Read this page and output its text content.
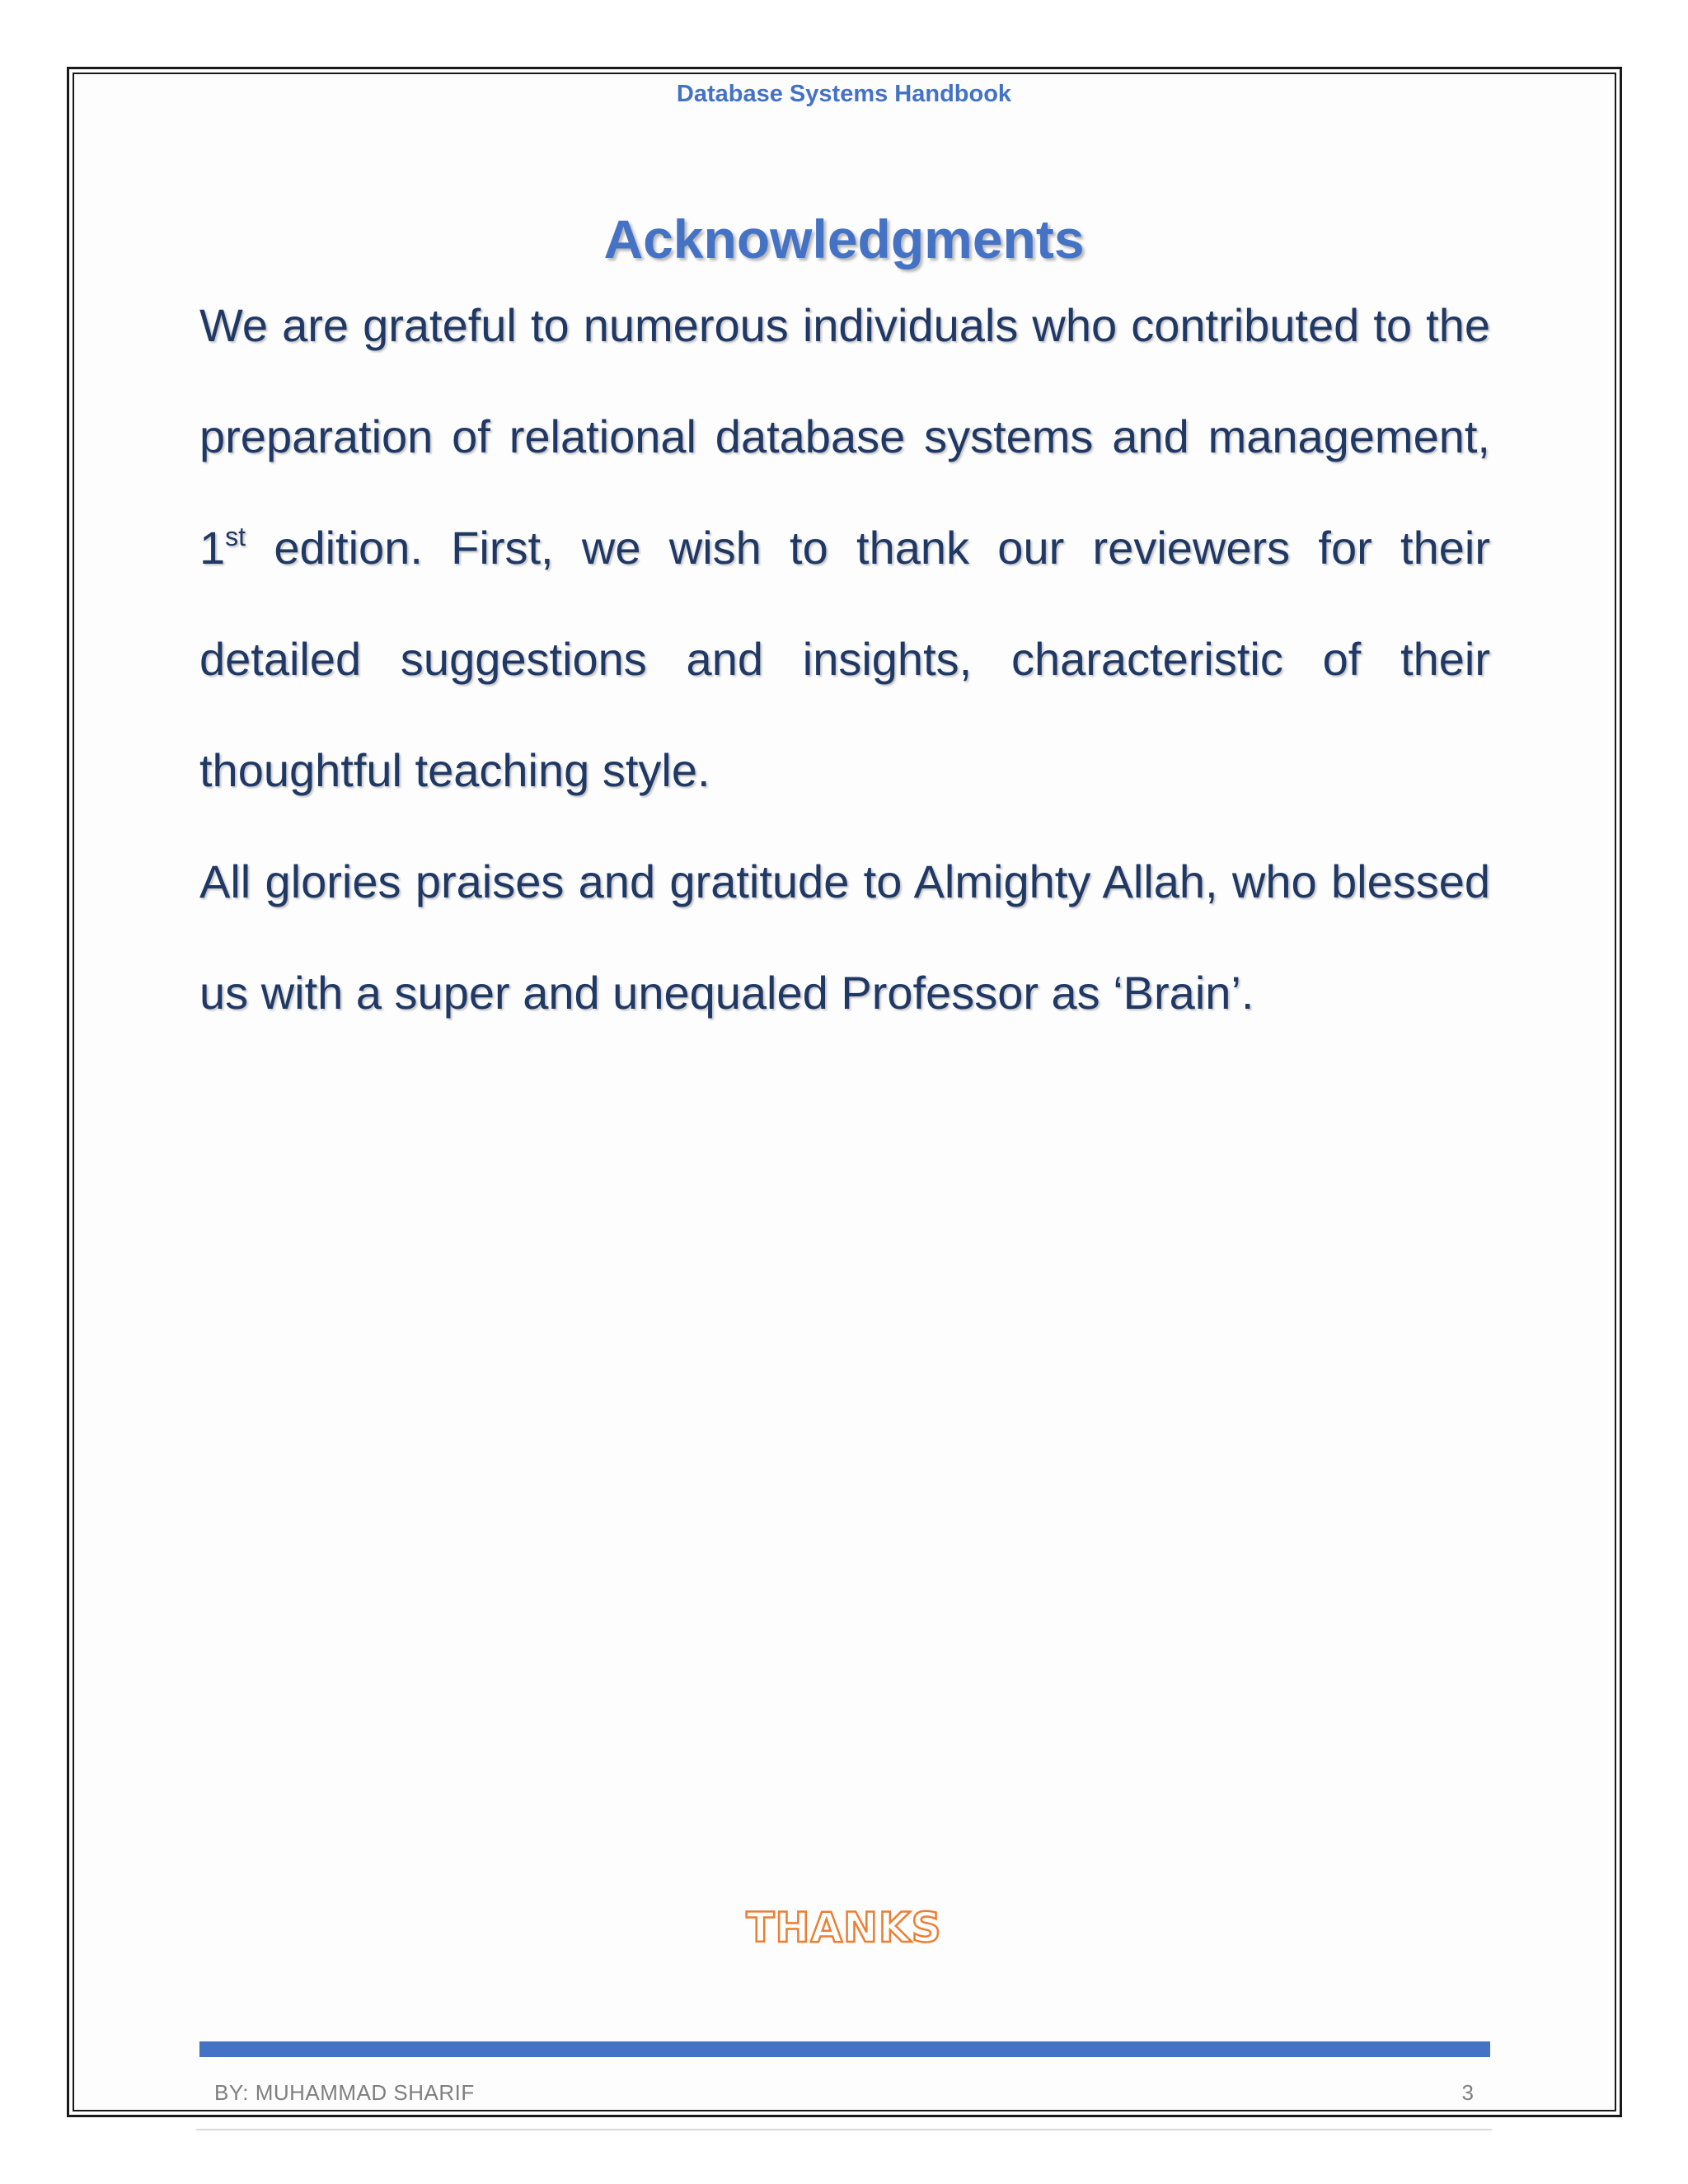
Database Systems Handbook
Acknowledgments

We are grateful to numerous individuals who contributed to the preparation of relational database systems and management, 1st edition. First, we wish to thank our reviewers for their detailed suggestions and insights, characteristic of their thoughtful teaching style.

All glories praises and gratitude to Almighty Allah, who blessed us with a super and unequaled Professor as ‘Brain’.

THANKS
BY: MUHAMMAD SHARIF	3
